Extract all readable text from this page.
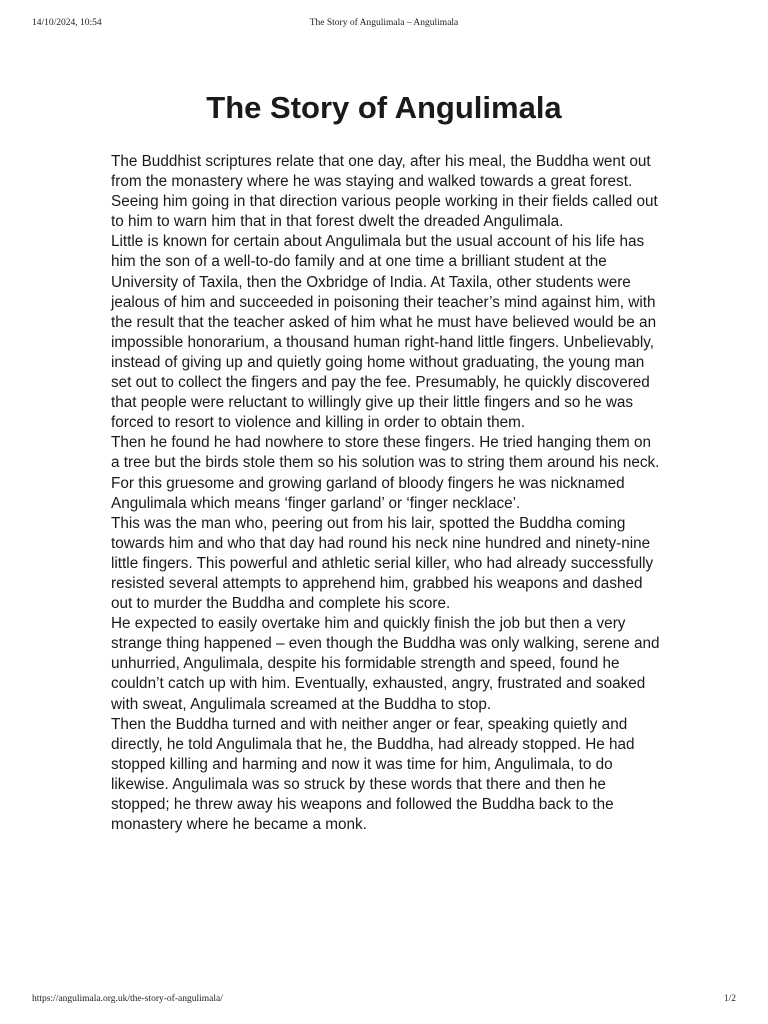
14/10/2024, 10:54	The Story of Angulimala – Angulimala
The Story of Angulimala

The Buddhist scriptures relate that one day, after his meal, the Buddha went out from the monastery where he was staying and walked towards a great forest. Seeing him going in that direction various people working in their fields called out to him to warn him that in that forest dwelt the dreaded Angulimala.

Little is known for certain about Angulimala but the usual account of his life has him the son of a well-to-do family and at one time a brilliant student at the University of Taxila, then the Oxbridge of India. At Taxila, other students were jealous of him and succeeded in poisoning their teacher’s mind against him, with the result that the teacher asked of him what he must have believed would be an impossible honorarium, a thousand human right-hand little fingers. Unbelievably, instead of giving up and quietly going home without graduating, the young man set out to collect the fingers and pay the fee. Presumably, he quickly discovered that people were reluctant to willingly give up their little fingers and so he was forced to resort to violence and killing in order to obtain them.

Then he found he had nowhere to store these fingers. He tried hanging them on a tree but the birds stole them so his solution was to string them around his neck. For this gruesome and growing garland of bloody fingers he was nicknamed Angulimala which means ‘finger garland’ or ‘finger necklace’.

This was the man who, peering out from his lair, spotted the Buddha coming towards him and who that day had round his neck nine hundred and ninety-nine little fingers. This powerful and athletic serial killer, who had already successfully resisted several attempts to apprehend him, grabbed his weapons and dashed out to murder the Buddha and complete his score.

He expected to easily overtake him and quickly finish the job but then a very strange thing happened – even though the Buddha was only walking, serene and unhurried, Angulimala, despite his formidable strength and speed, found he couldn’t catch up with him. Eventually, exhausted, angry, frustrated and soaked with sweat, Angulimala screamed at the Buddha to stop.

Then the Buddha turned and with neither anger or fear, speaking quietly and directly, he told Angulimala that he, the Buddha, had already stopped. He had stopped killing and harming and now it was time for him, Angulimala, to do likewise. Angulimala was so struck by these words that there and then he stopped; he threw away his weapons and followed the Buddha back to the monastery where he became a monk.

https://angulimala.org.uk/the-story-of-angulimala/	1/2
